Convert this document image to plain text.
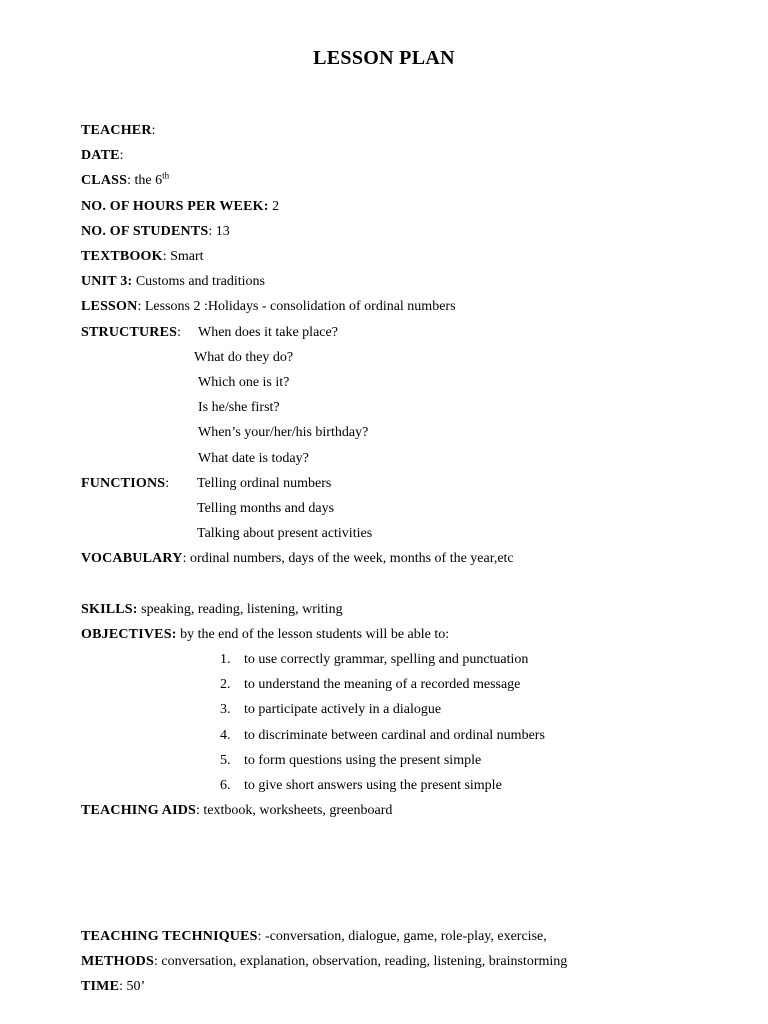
LESSON PLAN
TEACHER:
DATE:
CLASS: the 6th
NO. OF HOURS PER WEEK: 2
NO. OF STUDENTS: 13
TEXTBOOK: Smart
UNIT 3: Customs and traditions
LESSON: Lessons 2 :Holidays - consolidation of ordinal numbers
STRUCTURES: When does it take place?
What do they do?
Which one is it?
Is he/she first?
When’s your/her/his birthday?
What date is today?
FUNCTIONS: Telling ordinal numbers
Telling months and days
Talking about present activities
VOCABULARY: ordinal numbers, days of the week, months of the year,etc
SKILLS: speaking, reading, listening, writing
OBJECTIVES: by the end of the lesson students will be able to:
1. to use correctly grammar, spelling and punctuation
2. to understand the meaning of a recorded message
3. to participate actively in a dialogue
4. to discriminate between cardinal and ordinal numbers
5. to form questions using the present simple
6. to give short answers using the present simple
TEACHING AIDS: textbook, worksheets, greenboard
TEACHING TECHNIQUES: -conversation, dialogue, game, role-play, exercise,
METHODS: conversation, explanation, observation, reading, listening, brainstorming
TIME: 50’
